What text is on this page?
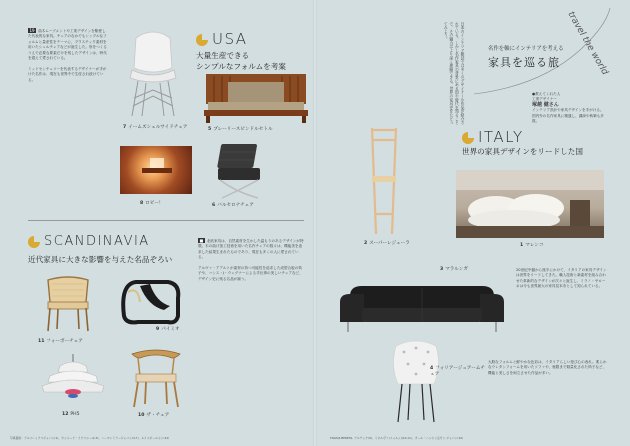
19 曲木ムーブメントや工業デザインを駆使した代表的な家具。チェアのなかでもシンプルなフォルムと量産性をテーマに、プラスチック素材を用いたシェルチェアなどが誕生した。形をつくるうえで必要な要素だけを残したデザインは、時代を超えて愛されている。

ミッドセンチュリーを代表するデザイナーが手がけた名作は、現在も世界中で生産され続けている。
USA
大量生産できる
シンプルなフォルムを考案
7 イームズシェルサイドチェア	5 プレーリースピンドルセトル
8 ロビー！	6 バルセロナチェア
SCANDINAVIA
近代家具に大きな影響を与えた名品ぞろい
■ 北欧家具は、自然素材を生かした温もりのあるデザインが特徴。木の曲げ加工技術を用いた名作チェアの数々は、機能美を追求した結果生まれたものであり、現在も多くの人に愛されている。

アルヴァ・アアルトが素材の持つ可能性を追求した成型合板の椅子や、ハンス・J・ウェグナーによる手仕事の美しいチェアなど、デザイン史に残る名品が揃う。
11 フォーボーチェア
9 パイミオ
12 PH5	10 ザ・チェア
写真提供：アルフレックスジャパン(1)、カッシーナ・イクスシー(2,3)、ハーマンミラージャパン(4,7)、ルイスポールセン(12)
日本のインテリア雑誌では多くのデザイナーや作品が紹介されている。しかし名作家具の背景にある国や時代を知ることで、その魅力はより深く理解できる。世界の家具史をたどってみよう。	travel the world
名作を軸にインテリアを考える
家具を巡る旅
●教えてくれた人
工業デザイナー
塚越 健さん
インテリア設計や家具デザインを手がける。国内外の名作家具に精通し、講演や執筆も多数。
2 スーパーレジェーラ
ITALY
世界の家具デザインをリードした国
1 マレンコ
3 マラルンガ	20世紀中盤から後半にかけて、イタリアの家具デザインは世界をリードしてきた。職人技術と新素材を組み合わせた革新的なデザインが次々と誕生し、ミラノ・サローネは今も世界最大の家具見本市として知られている。
4 フォリアージュアームチェア
大胆なフォルムと鮮やかな色彩は、イタリアらしい遊び心の表れ。柔らかなウレタンフォームを用いたソファや、極限まで軽量化された椅子など、機能と美しさを両立させた作品が多い。
TANAQUEPRESS, アルテック(9)、ミネルヴァ(フォルム)(10,11)、カール・ハンセン＆サン ジャパン(10)
